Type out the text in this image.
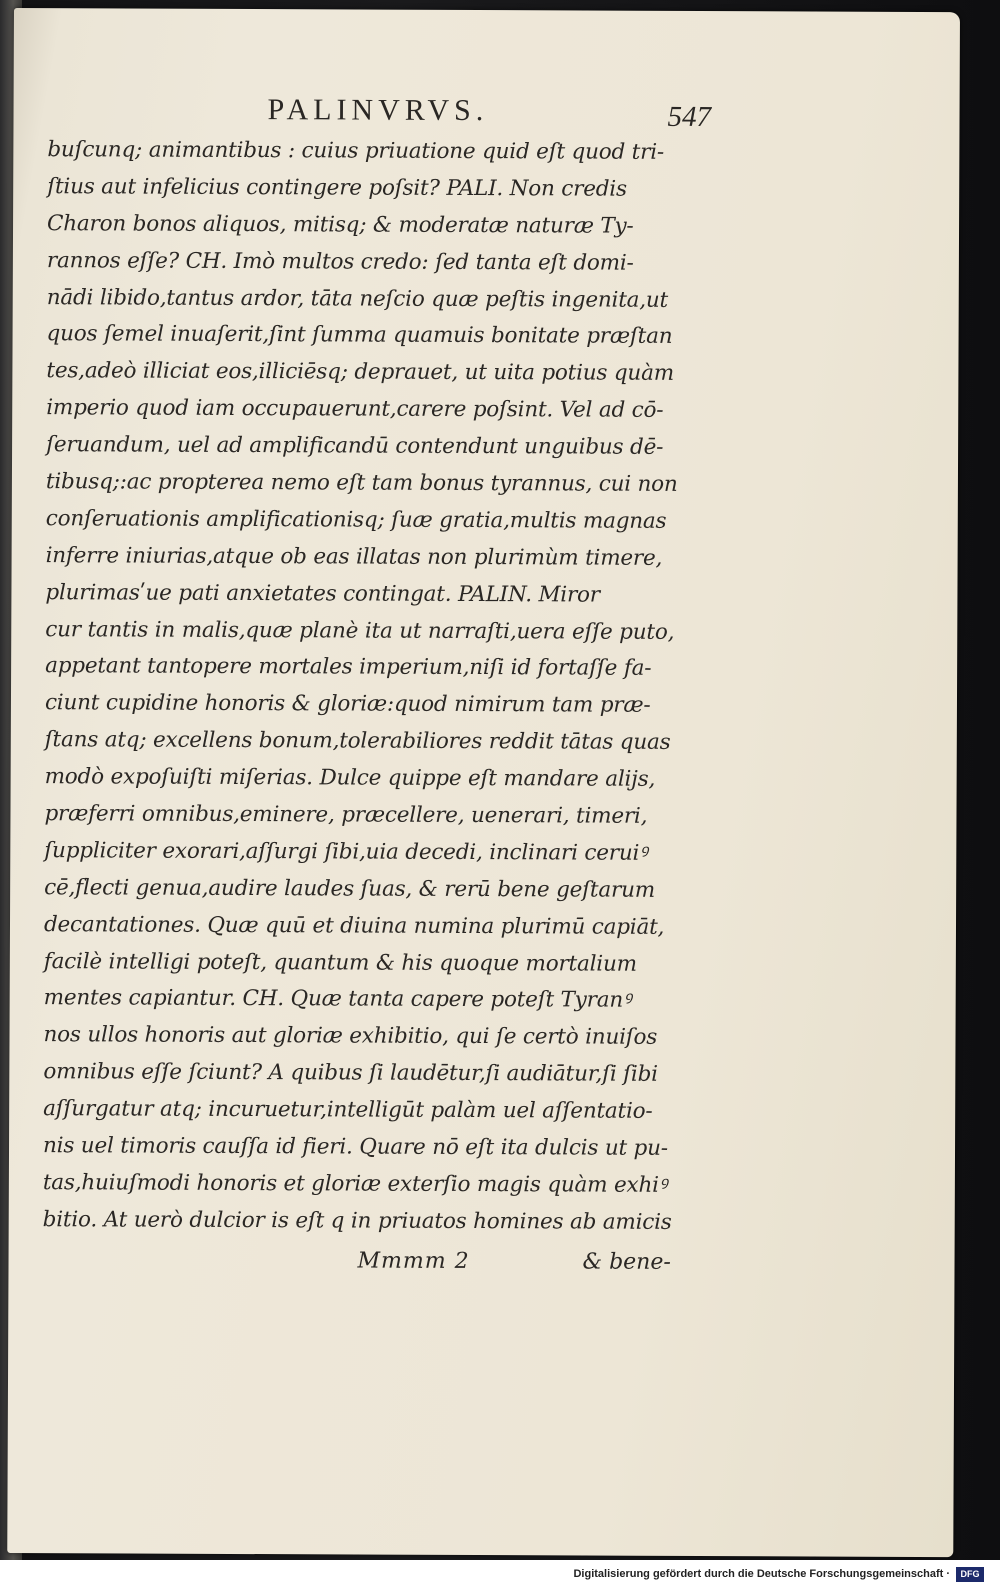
PALINVRVS.	547
buſcunq; animantibus : cuius priuatione quid eſt quod tri-
ſtius aut infelicius contingere poſsit? PALI. Non credis
Charon bonos aliquos, mitisq; & moderatæ naturæ Ty-
rannos eſſe? CH. Imò multos credo: ſed tanta eſt domi-
nādi libido,tantus ardor, tāta neſcio quæ peſtis ingenita,ut
quos ſemel inuaſerit,ſint ſumma quamuis bonitate præſtan
tes,adeò illiciat eos,illiciēsq; deprauet, ut uita potius quàm
imperio quod iam occupauerunt,carere poſsint. Vel ad cō-
ſeruandum, uel ad amplificandū contendunt unguibus dē-
tibusq;:ac propterea nemo eſt tam bonus tyrannus, cui non
conſeruationis amplificationisq; ſuæ gratia,multis magnas
inferre iniurias,atque ob eas illatas non plurimùm timere,
plurimasʹue pati anxietates contingat. PALIN. Miror
cur tantis in malis,quæ planè ita ut narraſti,uera eſſe puto,
appetant tantopere mortales imperium,niſi id fortaſſe fa-
ciunt cupidine honoris & gloriæ:quod nimirum tam præ-
ſtans atq; excellens bonum,tolerabiliores reddit tātas quas
modò expoſuiſti miſerias. Dulce quippe eſt mandare alijs,
præferri omnibus,eminere, præcellere, uenerari, timeri,
ſuppliciter exorari,aſſurgi ſibi,uia decedi, inclinari ceruiꝰ
cē,flecti genua,audire laudes ſuas, & rerū bene geſtarum
decantationes. Quæ quū et diuina numina plurimū capiāt,
facilè intelligi poteſt, quantum & his quoque mortalium
mentes capiantur. CH. Quæ tanta capere poteſt Tyranꝰ
nos ullos honoris aut gloriæ exhibitio, qui ſe certò inuiſos
omnibus eſſe ſciunt? A quibus ſi laudētur,ſi audiātur,ſi ſibi
aſſurgatur atq; incuruetur,intelligūt palàm uel aſſentatio-
nis uel timoris cauſſa id fieri. Quare nō eſt ita dulcis ut pu-
tas,huiuſmodi honoris et gloriæ exterſio magis quàm exhiꝰ
bitio. At uerò dulcior is eſt q in priuatos homines ab amicis
Mmmm 2	& bene-
Digitalisierung gefördert durch die Deutsche Forschungsgemeinschaft ·	DFG
